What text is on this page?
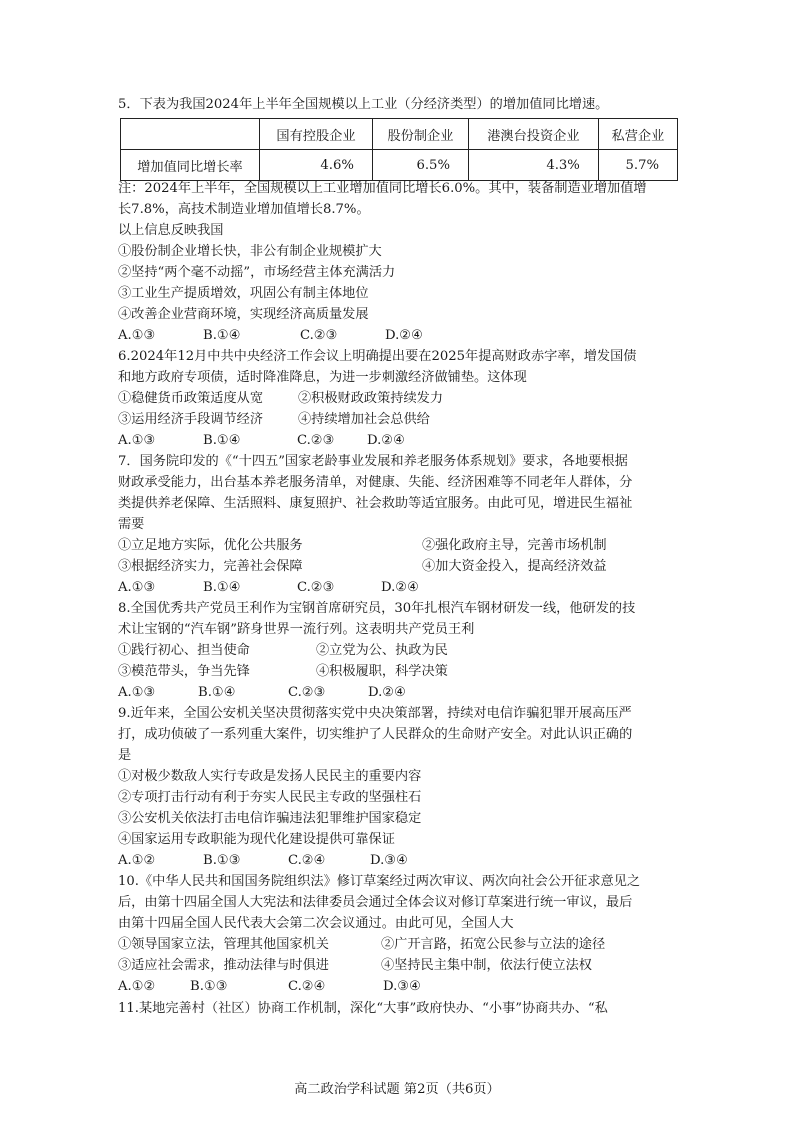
5．下表为我国2024年上半年全国规模以上工业（分经济类型）的增加值同比增速。
	国有控股企业	股份制企业	港澳台投资企业	私营企业
增加值同比增长率	4.6%	6.5%	4.3%	5.7%
注：2024年上半年，全国规模以上工业增加值同比增长6.0%。其中，装备制造业增加值增
长7.8%，高技术制造业增加值增长8.7%。
以上信息反映我国
①股份制企业增长快，非公有制企业规模扩大
②坚持“两个毫不动摇”，市场经营主体充满活力
③工业生产提质增效，巩固公有制主体地位
④改善企业营商环境，实现经济高质量发展
A.①③	B.①④	C.②③	D.②④
6.2024年12月中共中央经济工作会议上明确提出要在2025年提高财政赤字率，增发国债
和地方政府专项债，适时降准降息，为进一步刺激经济做铺垫。这体现
①稳健货币政策适度从宽	②积极财政政策持续发力
③运用经济手段调节经济	④持续增加社会总供给
A.①③	B.①④	C.②③ D.②④
7．国务院印发的《“十四五”国家老龄事业发展和养老服务体系规划》要求，各地要根据
财政承受能力，出台基本养老服务清单，对健康、失能、经济困难等不同老年人群体，分
类提供养老保障、生活照料、康复照护、社会救助等适宜服务。由此可见，增进民生福祉
需要
①立足地方实际，优化公共服务	②强化政府主导，完善市场机制
③根据经济实力，完善社会保障	④加大资金投入，提高经济效益
A.①③	B.①④	C.②③	D.②④
8.全国优秀共产党员王利作为宝钢首席研究员，30年扎根汽车钢材研发一线，他研发的技
术让宝钢的“汽车钢”跻身世界一流行列。这表明共产党员王利
①践行初心、担当使命	②立党为公、执政为民
③模范带头，争当先锋	④积极履职，科学决策
A.①③	B.①④	C.②③	D.②④
9.近年来，全国公安机关坚决贯彻落实党中央决策部署，持续对电信诈骗犯罪开展高压严
打，成功侦破了一系列重大案件，切实维护了人民群众的生命财产安全。对此认识正确的
是
①对极少数敌人实行专政是发扬人民民主的重要内容
②专项打击行动有利于夯实人民民主专政的坚强柱石
③公安机关依法打击电信诈骗违法犯罪维护国家稳定
④国家运用专政职能为现代化建设提供可靠保证
A.①②	B.①③	C.②④	D.③④
10.《中华人民共和国国务院组织法》修订草案经过两次审议、两次向社会公开征求意见之
后，由第十四届全国人大宪法和法律委员会通过全体会议对修订草案进行统一审议，最后
由第十四届全国人民代表大会第二次会议通过。由此可见，全国人大
①领导国家立法，管理其他国家机关	②广开言路，拓宽公民参与立法的途径
③适应社会需求，推动法律与时俱进	④坚持民主集中制，依法行使立法权
A.①②	B.①③	C.②④	D.③④
11.某地完善村（社区）协商工作机制，深化“大事”政府快办、“小事”协商共办、“私
高二政治学科试题 第2页（共6页）
